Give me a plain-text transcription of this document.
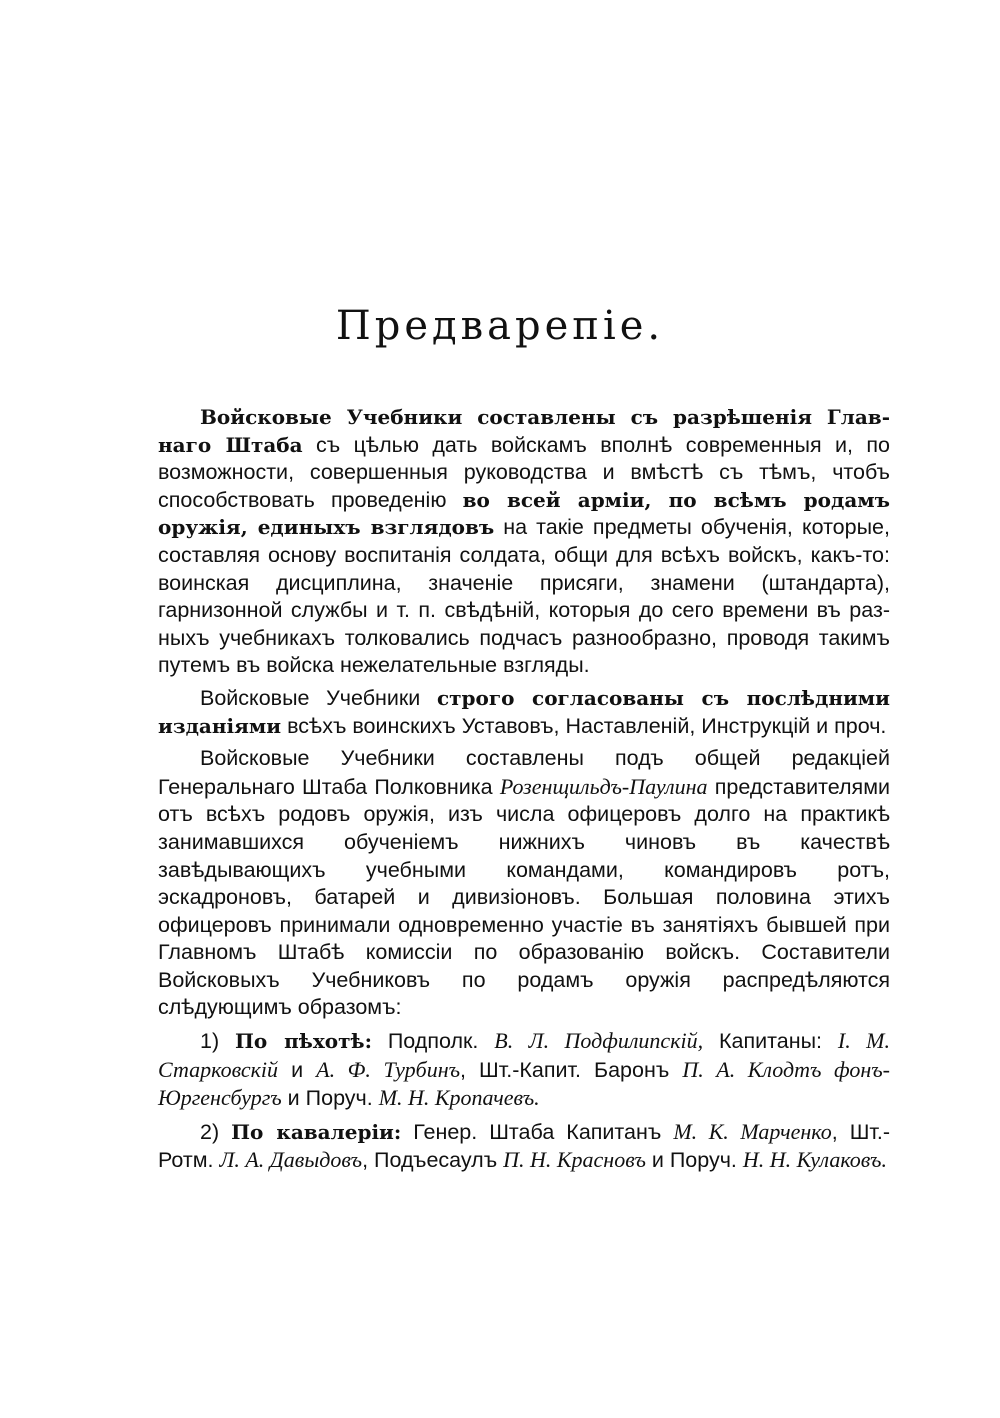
Предварепіе.

Войсковые Учебники составлены съ разрѣшенія Главнаго Штаба съ цѣлью дать войскамъ вполнѣ современныя и, по возможности, совершенныя руководства и вмѣстѣ съ тѣмъ, чтобъ способствовать проведенію во всей арміи, по всѣмъ родамъ оружія, единыхъ взглядовъ на такіе предметы обученія, которые, составляя основу воспитанія солдата, общи для всѣхъ войскъ, какъ-то: воинская дисциплина, значеніе присяги, знамени (штандарта), гарнизонной службы и т. п. свѣдѣній, которыя до сего времени въ разныхъ учебникахъ толковались подчасъ разнообразно, проводя такимъ путемъ въ войска нежелательные взгляды.

Войсковые Учебники строго согласованы съ послѣдними изданіями всѣхъ воинскихъ Уставовъ, Наставленій, Инструкцій и проч.

Войсковые Учебники составлены подъ общей редакціей Генеральнаго Штаба Полковника Розенщильдъ-Паулина представителями отъ всѣхъ родовъ оружія, изъ числа офицеровъ долго на практикѣ занимавшихся обученіемъ нижнихъ чиновъ въ качествѣ завѣдывающихъ учебными командами, командировъ ротъ, эскадроновъ, батарей и дивизіоновъ. Большая половина этихъ офицеровъ принимали одновременно участіе въ занятіяхъ бывшей при Главномъ Штабѣ комиссіи по образованію войскъ. Составители Войсковыхъ Учебниковъ по родамъ оружія распредѣляются слѣдующимъ образомъ:

1) По пѣхотѣ: Подполк. В. Л. Подфилипскій, Капитаны: І. М. Старковскій и А. Ф. Турбинъ, Шт.-Капит. Баронъ П. А. Клодтъ фонъ-Юргенсбургъ и Поруч. М. Н. Кропачевъ.

2) По кавалеріи: Генер. Штаба Капитанъ М. К. Марченко, Шт.-Ротм. Л. А. Давыдовъ, Подъесаулъ П. Н. Красновъ и Поруч. Н. Н. Кулаковъ.
